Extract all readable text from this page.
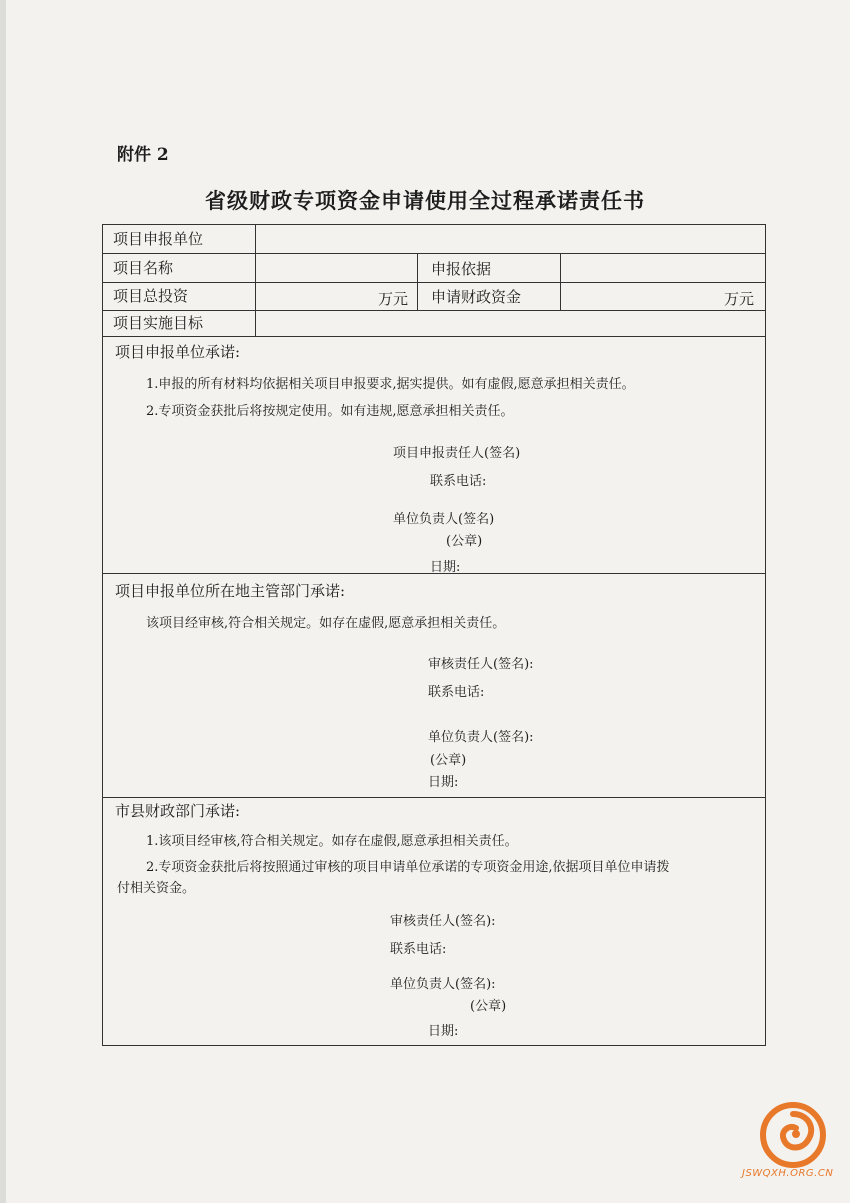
附件 2
省级财政专项资金申请使用全过程承诺责任书
项目申报单位
项目名称	申报依据
项目总投资	万元 申请财政资金	万元
项目实施目标
项目申报单位承诺:
1.申报的所有材料均依据相关项目申报要求,据实提供。如有虚假,愿意承担相关责任。
2.专项资金获批后将按规定使用。如有违规,愿意承担相关责任。
项目申报责任人(签名)
联系电话:
单位负责人(签名)
(公章)
日期:
项目申报单位所在地主管部门承诺:
该项目经审核,符合相关规定。如存在虚假,愿意承担相关责任。
审核责任人(签名):
联系电话:
单位负责人(签名):
(公章)
日期:
市县财政部门承诺:
1.该项目经审核,符合相关规定。如存在虚假,愿意承担相关责任。
2.专项资金获批后将按照通过审核的项目申请单位承诺的专项资金用途,依据项目单位申请拨
付相关资金。
审核责任人(签名):
联系电话:
单位负责人(签名):
(公章)
日期:
JSWQXH.ORG.CN
